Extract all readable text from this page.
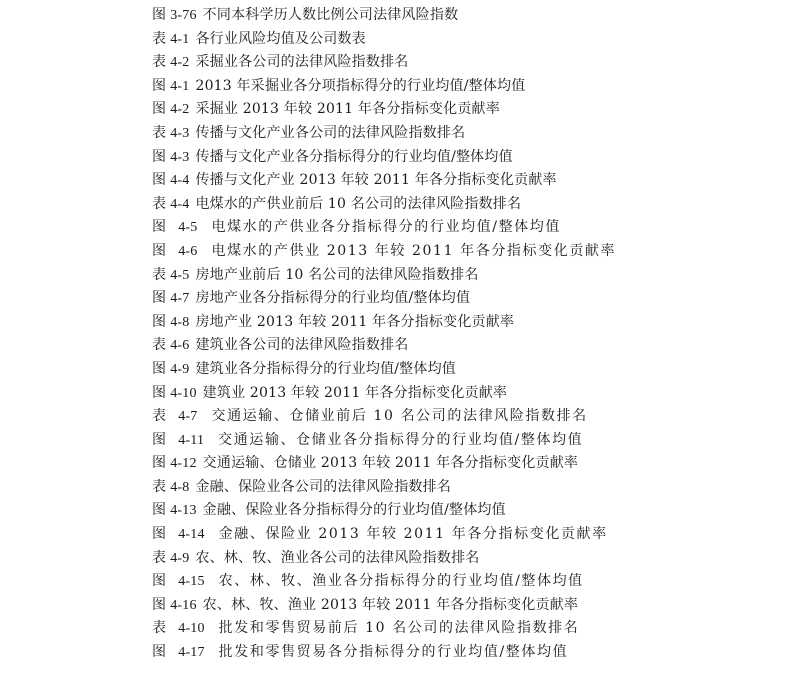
图 3-76 不同本科学历人数比例公司法律风险指数
表 4-1 各行业风险均值及公司数表
表 4-2 采掘业各公司的法律风险指数排名
图 4-1 2013 年采掘业各分项指标得分的行业均值/整体均值
图 4-2 采掘业 2013 年较 2011 年各分指标变化贡献率
表 4-3 传播与文化产业各公司的法律风险指数排名
图 4-3 传播与文化产业各分指标得分的行业均值/整体均值
图 4-4 传播与文化产业 2013 年较 2011 年各分指标变化贡献率
表 4-4 电煤水的产供业前后 10 名公司的法律风险指数排名
图 4-5 电煤水的产供业各分指标得分的行业均值/整体均值
图 4-6 电煤水的产供业 2013 年较 2011 年各分指标变化贡献率
表 4-5 房地产业前后 10 名公司的法律风险指数排名
图 4-7 房地产业各分指标得分的行业均值/整体均值
图 4-8 房地产业 2013 年较 2011 年各分指标变化贡献率
表 4-6 建筑业各公司的法律风险指数排名
图 4-9 建筑业各分指标得分的行业均值/整体均值
图 4-10 建筑业 2013 年较 2011 年各分指标变化贡献率
表 4-7 交通运输、仓储业前后 10 名公司的法律风险指数排名
图 4-11 交通运输、仓储业各分指标得分的行业均值/整体均值
图 4-12 交通运输、仓储业 2013 年较 2011 年各分指标变化贡献率
表 4-8 金融、保险业各公司的法律风险指数排名
图 4-13 金融、保险业各分指标得分的行业均值/整体均值
图 4-14 金融、保险业 2013 年较 2011 年各分指标变化贡献率
表 4-9 农、林、牧、渔业各公司的法律风险指数排名
图 4-15 农、林、牧、渔业各分指标得分的行业均值/整体均值
图 4-16 农、林、牧、渔业 2013 年较 2011 年各分指标变化贡献率
表 4-10 批发和零售贸易前后 10 名公司的法律风险指数排名
图 4-17 批发和零售贸易各分指标得分的行业均值/整体均值
